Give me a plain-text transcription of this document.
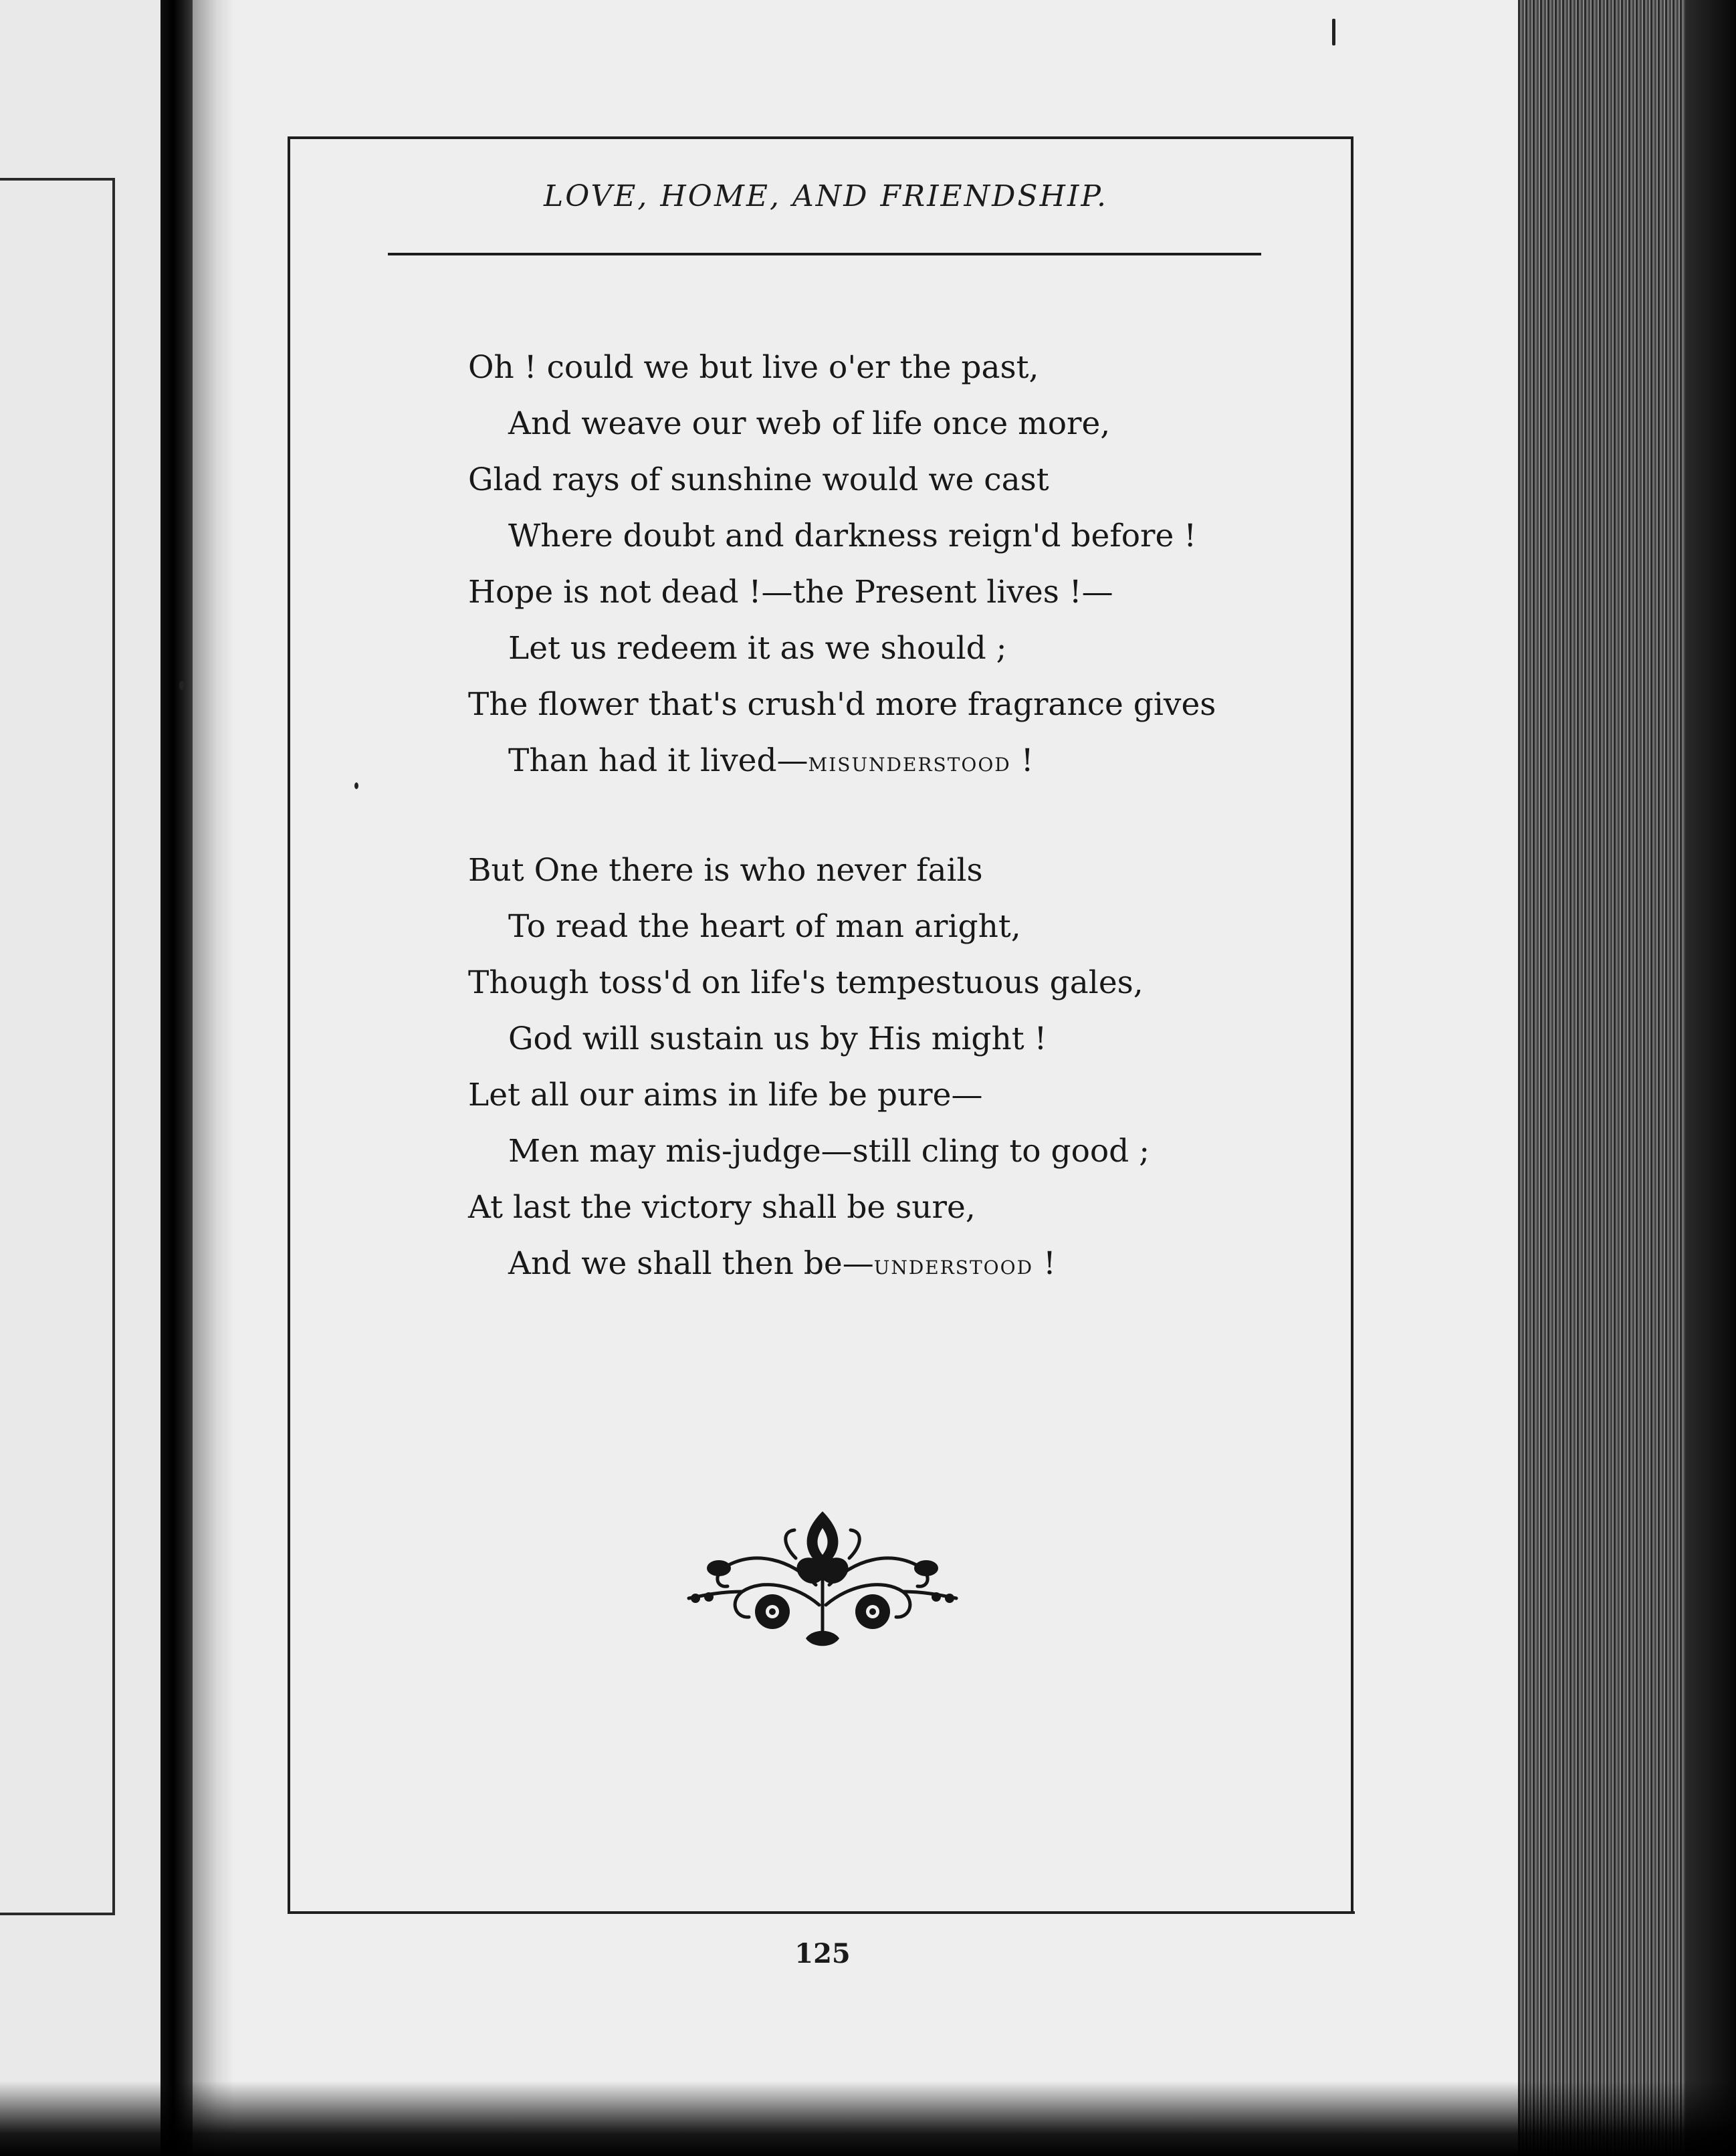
LOVE, HOME, AND FRIENDSHIP.
Oh ! could we but live o'er the past,
And weave our web of life once more,
Glad rays of sunshine would we cast
Where doubt and darkness reign'd before !
Hope is not dead !—the Present lives !—
Let us redeem it as we should ;
The flower that's crush'd more fragrance gives
Than had it lived—misunderstood !
But One there is who never fails
To read the heart of man aright,
Though toss'd on life's tempestuous gales,
God will sustain us by His might !
Let all our aims in life be pure—
Men may mis-judge—still cling to good ;
At last the victory shall be sure,
And we shall then be—understood !
125
